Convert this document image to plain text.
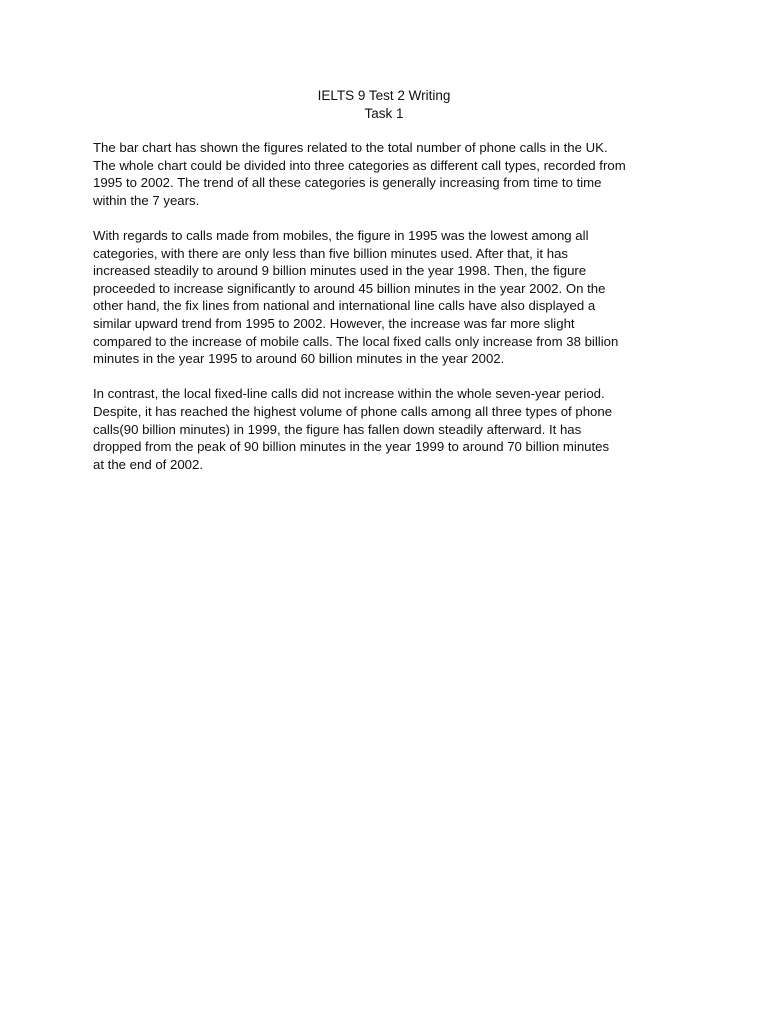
IELTS 9 Test 2 Writing
Task 1
The bar chart has shown the figures related to the total number of phone calls in the UK.
The whole chart could be divided into three categories as different call types, recorded from
1995 to 2002. The trend of all these categories is generally increasing from time to time
within the 7 years.
With regards to calls made from mobiles, the figure in 1995 was the lowest among all
categories, with there are only less than five billion minutes used. After that, it has
increased steadily to around 9 billion minutes used in the year 1998. Then, the figure
proceeded to increase significantly to around 45 billion minutes in the year 2002. On the
other hand, the fix lines from national and international line calls have also displayed a
similar upward trend from 1995 to 2002. However, the increase was far more slight
compared to the increase of mobile calls. The local fixed calls only increase from 38 billion
minutes in the year 1995 to around 60 billion minutes in the year 2002.
In contrast, the local fixed-line calls did not increase within the whole seven-year period.
Despite, it has reached the highest volume of phone calls among all three types of phone
calls(90 billion minutes) in 1999, the figure has fallen down steadily afterward. It has
dropped from the peak of 90 billion minutes in the year 1999 to around 70 billion minutes
at the end of 2002.
